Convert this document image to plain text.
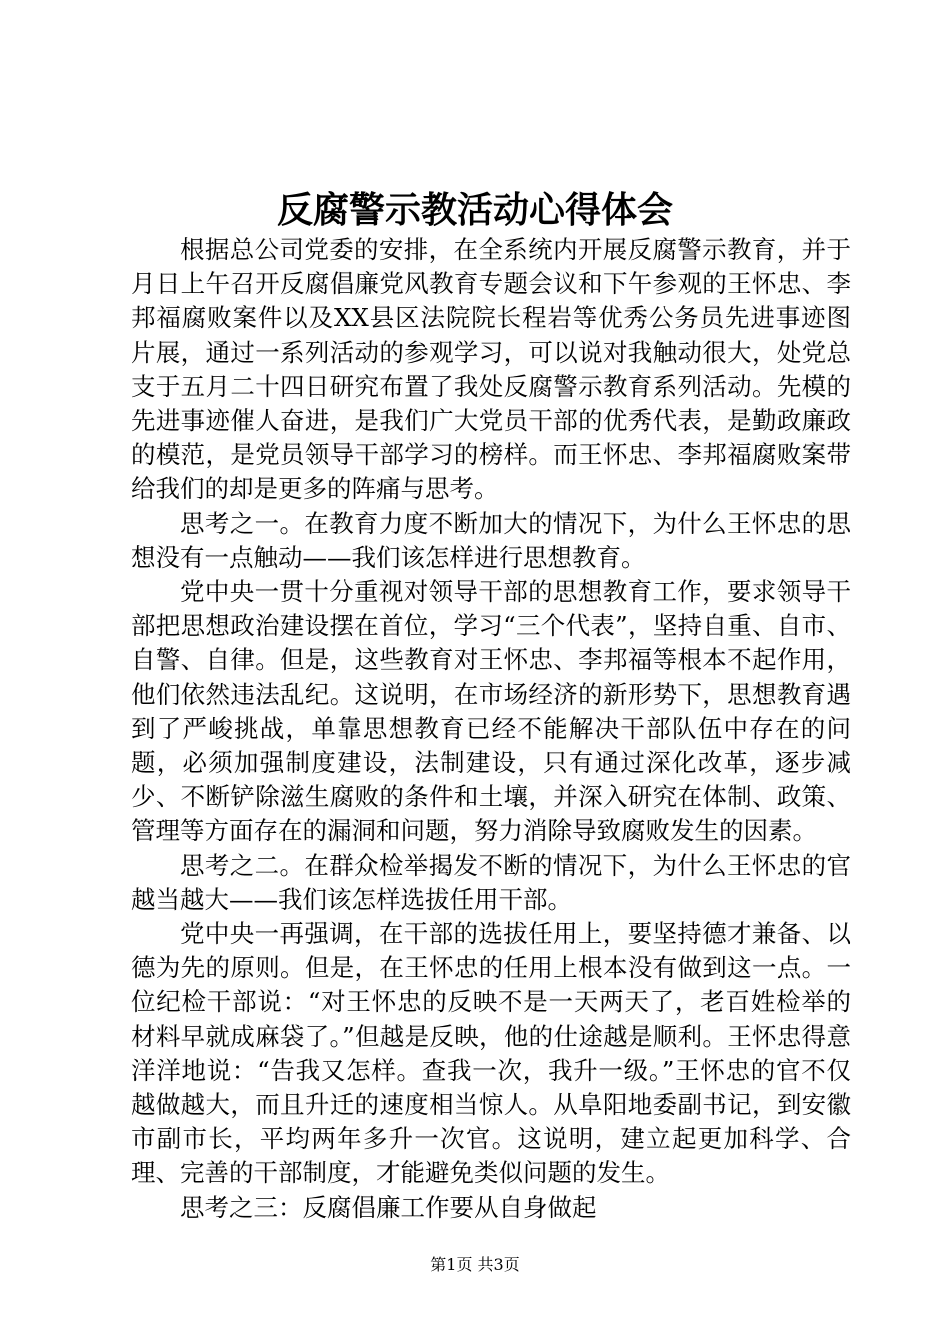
反腐警示教活动心得体会

根据总公司党委的安排，在全系统内开展反腐警示教育，并于月日上午召开反腐倡廉党风教育专题会议和下午参观的王怀忠、李邦福腐败案件以及XX县区法院院长程岩等优秀公务员先进事迹图片展，通过一系列活动的参观学习，可以说对我触动很大，处党总支于五月二十四日研究布置了我处反腐警示教育系列活动。先模的先进事迹催人奋进，是我们广大党员干部的优秀代表，是勤政廉政的模范，是党员领导干部学习的榜样。而王怀忠、李邦福腐败案带给我们的却是更多的阵痛与思考。

思考之一。在教育力度不断加大的情况下，为什么王怀忠的思想没有一点触动——我们该怎样进行思想教育。

党中央一贯十分重视对领导干部的思想教育工作，要求领导干部把思想政治建设摆在首位，学习“三个代表”，坚持自重、自市、自警、自律。但是，这些教育对王怀忠、李邦福等根本不起作用，他们依然违法乱纪。这说明，在市场经济的新形势下，思想教育遇到了严峻挑战，单靠思想教育已经不能解决干部队伍中存在的问题，必须加强制度建设，法制建设，只有通过深化改革，逐步减少、不断铲除滋生腐败的条件和土壤，并深入研究在体制、政策、管理等方面存在的漏洞和问题，努力消除导致腐败发生的因素。

思考之二。在群众检举揭发不断的情况下，为什么王怀忠的官越当越大——我们该怎样选拔任用干部。

党中央一再强调，在干部的选拔任用上，要坚持德才兼备、以德为先的原则。但是，在王怀忠的任用上根本没有做到这一点。一位纪检干部说：“对王怀忠的反映不是一天两天了，老百姓检举的材料早就成麻袋了。”但越是反映，他的仕途越是顺利。王怀忠得意洋洋地说：“告我又怎样。查我一次，我升一级。”王怀忠的官不仅越做越大，而且升迁的速度相当惊人。从阜阳地委副书记，到安徽市副市长，平均两年多升一次官。这说明，建立起更加科学、合理、完善的干部制度，才能避免类似问题的发生。

思考之三：反腐倡廉工作要从自身做起

第1页 共3页
